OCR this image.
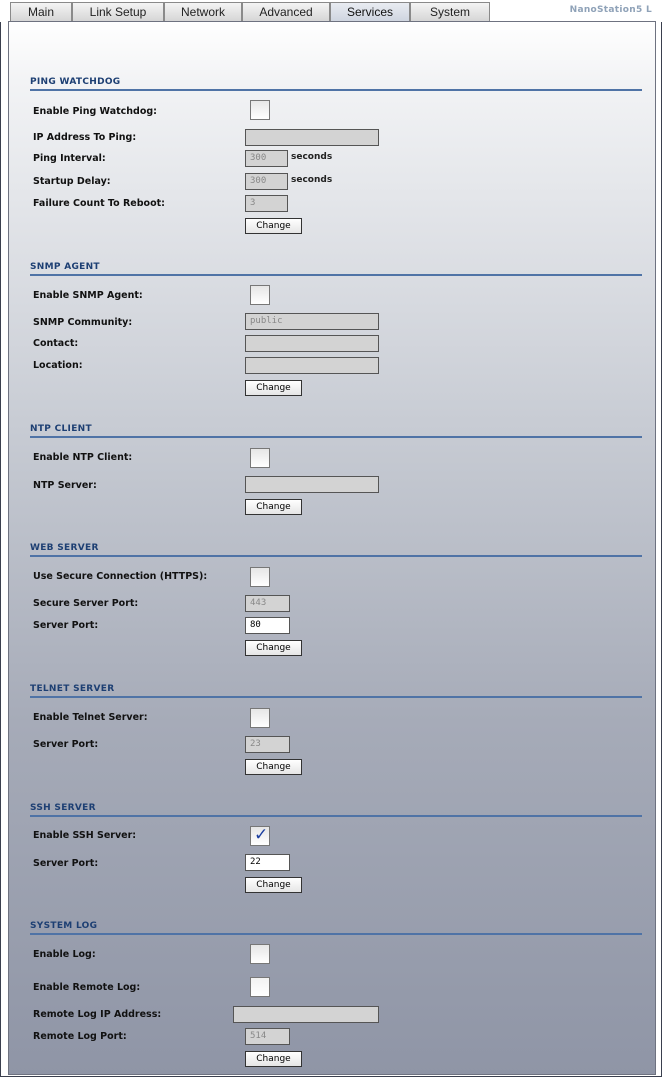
Main	Link Setup	Network	Advanced	Services	System	NanoStation5 L
PING WATCHDOG
Enable Ping Watchdog:
IP Address To Ping:
Ping Interval:	300	seconds
Startup Delay:	300	seconds
Failure Count To Reboot:	3
Change
SNMP AGENT
Enable SNMP Agent:
SNMP Community:	public
Contact:
Location:
Change
NTP CLIENT
Enable NTP Client:
NTP Server:
Change
WEB SERVER
Use Secure Connection (HTTPS):
Secure Server Port:	443
Server Port:	80
Change
TELNET SERVER
Enable Telnet Server:
Server Port:	23
Change
SSH SERVER
Enable SSH Server:
✓
Server Port:	22
Change
SYSTEM LOG
Enable Log:
Enable Remote Log:
Remote Log IP Address:
Remote Log Port:	514
Change
